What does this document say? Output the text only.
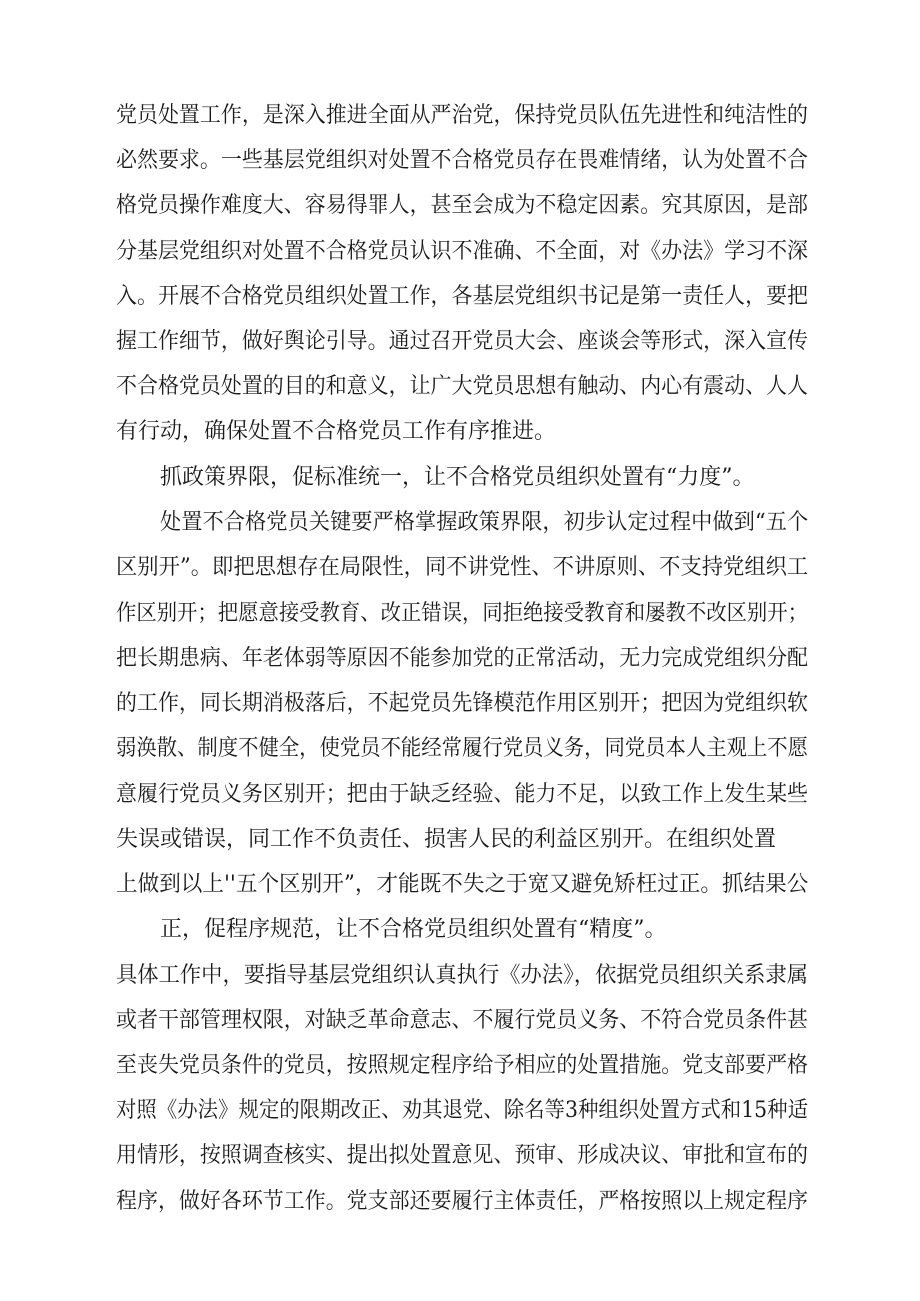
党员处置工作，是深入推进全面从严治党，保持党员队伍先进性和纯洁性的
必然要求。一些基层党组织对处置不合格党员存在畏难情绪，认为处置不合
格党员操作难度大、容易得罪人，甚至会成为不稳定因素。究其原因，是部
分基层党组织对处置不合格党员认识不准确、不全面，对《办法》学习不深
入。开展不合格党员组织处置工作，各基层党组织书记是第一责任人，要把
握工作细节，做好舆论引导。通过召开党员大会、座谈会等形式，深入宣传
不合格党员处置的目的和意义，让广大党员思想有触动、内心有震动、人人
有行动，确保处置不合格党员工作有序推进。
抓政策界限，促标准统一，让不合格党员组织处置有“力度”。
处置不合格党员关键要严格掌握政策界限，初步认定过程中做到“五个
区别开”。即把思想存在局限性，同不讲党性、不讲原则、不支持党组织工
作区别开；把愿意接受教育、改正错误，同拒绝接受教育和屡教不改区别开；
把长期患病、年老体弱等原因不能参加党的正常活动，无力完成党组织分配
的工作，同长期消极落后，不起党员先锋模范作用区别开；把因为党组织软
弱涣散、制度不健全，使党员不能经常履行党员义务，同党员本人主观上不愿
意履行党员义务区别开；把由于缺乏经验、能力不足，以致工作上发生某些
失误或错误，同工作不负责任、损害人民的利益区别开。在组织处置
上做到以上''五个区别开”，才能既不失之于宽又避免矫枉过正。抓结果公
正，促程序规范，让不合格党员组织处置有“精度”。
具体工作中，要指导基层党组织认真执行《办法》，依据党员组织关系隶属
或者干部管理权限，对缺乏革命意志、不履行党员义务、不符合党员条件甚
至丧失党员条件的党员，按照规定程序给予相应的处置措施。党支部要严格
对照《办法》规定的限期改正、劝其退党、除名等3种组织处置方式和15种适
用情形，按照调查核实、提出拟处置意见、预审、形成决议、审批和宣布的
程序，做好各环节工作。党支部还要履行主体责任，严格按照以上规定程序
